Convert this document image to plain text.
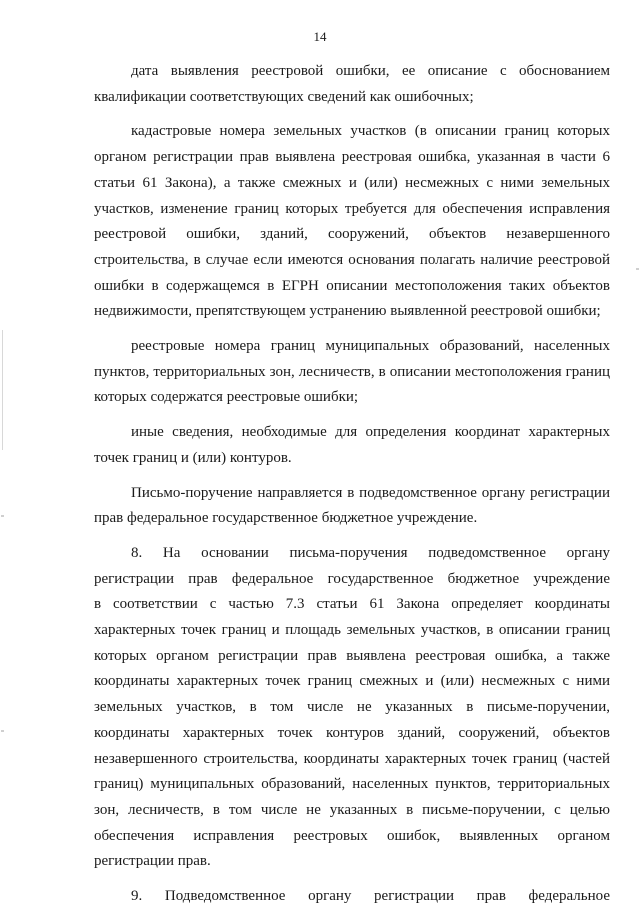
14
дата выявления реестровой ошибки, ее описание с обоснованием
квалификации соответствующих сведений как ошибочных;
кадастровые номера земельных участков (в описании границ которых
органом регистрации прав выявлена реестровая ошибка, указанная в части 6
статьи 61 Закона), а также смежных и (или) несмежных с ними земельных
участков, изменение границ которых требуется для обеспечения исправления
реестровой ошибки, зданий, сооружений, объектов незавершенного
строительства, в случае если имеются основания полагать наличие реестровой
ошибки в содержащемся в ЕГРН описании местоположения таких объектов
недвижимости, препятствующем устранению выявленной реестровой ошибки;
реестровые номера границ муниципальных образований, населенных
пунктов, территориальных зон, лесничеств, в описании местоположения границ
которых содержатся реестровые ошибки;
иные сведения, необходимые для определения координат характерных
точек границ и (или) контуров.
Письмо-поручение направляется в подведомственное органу регистрации
прав федеральное государственное бюджетное учреждение.
8. На основании письма-поручения подведомственное органу
регистрации прав федеральное государственное бюджетное учреждение
в соответствии с частью 7.3 статьи 61 Закона определяет координаты
характерных точек границ и площадь земельных участков, в описании границ
которых органом регистрации прав выявлена реестровая ошибка, а также
координаты характерных точек границ смежных и (или) несмежных с ними
земельных участков, в том числе не указанных в письме-поручении,
координаты характерных точек контуров зданий, сооружений, объектов
незавершенного строительства, координаты характерных точек границ (частей
границ) муниципальных образований, населенных пунктов, территориальных
зон, лесничеств, в том числе не указанных в письме-поручении, с целью
обеспечения исправления реестровых ошибок, выявленных органом
регистрации прав.
9. Подведомственное органу регистрации прав федеральное
